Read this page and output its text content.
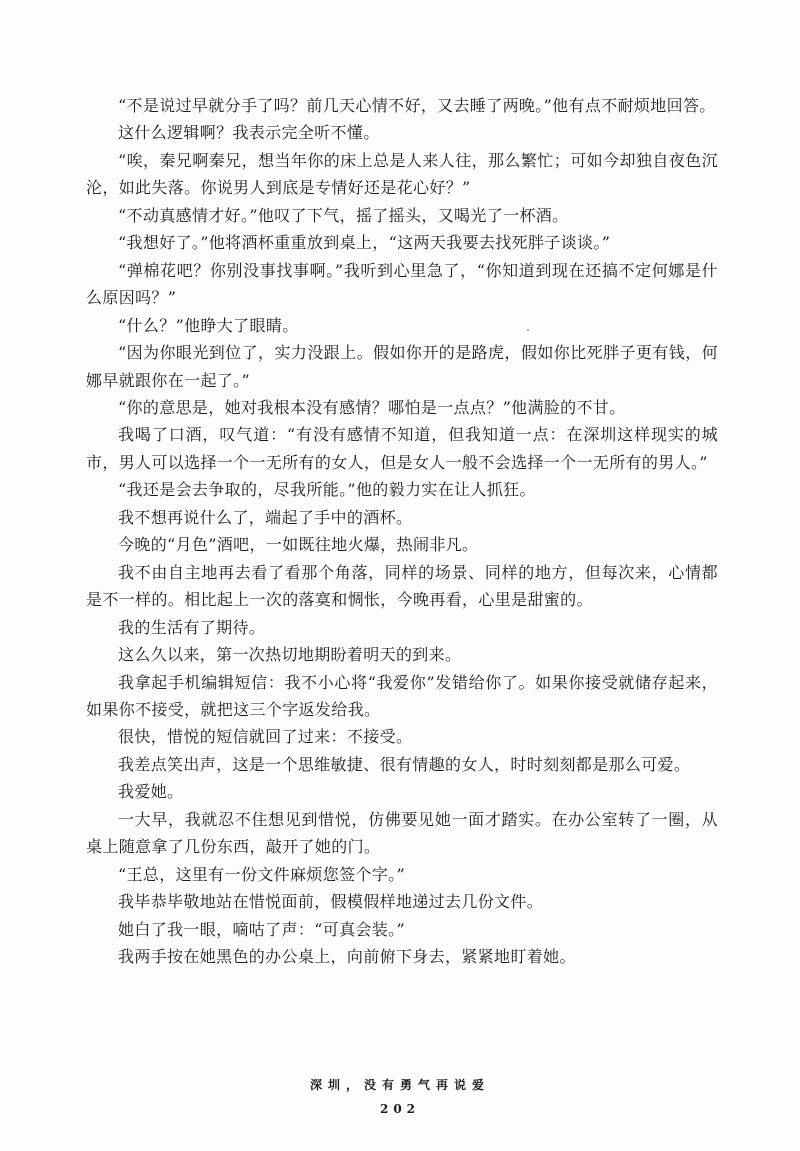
“不是说过早就分手了吗？前几天心情不好，又去睡了两晚。”他有点不耐烦地回答。

这什么逻辑啊？我表示完全听不懂。

“唉，秦兄啊秦兄，想当年你的床上总是人来人往，那么繁忙；可如今却独自夜色沉沦，如此失落。你说男人到底是专情好还是花心好？”

“不动真感情才好。”他叹了下气，摇了摇头，又喝光了一杯酒。

“我想好了。”他将酒杯重重放到桌上，“这两天我要去找死胖子谈谈。”

“弹棉花吧？你别没事找事啊。”我听到心里急了，“你知道到现在还搞不定何娜是什么原因吗？”

“什么？”他睁大了眼睛。

“因为你眼光到位了，实力没跟上。假如你开的是路虎，假如你比死胖子更有钱，何娜早就跟你在一起了。”

“你的意思是，她对我根本没有感情？哪怕是一点点？”他满脸的不甘。

我喝了口酒，叹气道：“有没有感情不知道，但我知道一点：在深圳这样现实的城市，男人可以选择一个一无所有的女人，但是女人一般不会选择一个一无所有的男人。”

“我还是会去争取的，尽我所能。”他的毅力实在让人抓狂。

我不想再说什么了，端起了手中的酒杯。

今晚的“月色”酒吧，一如既往地火爆，热闹非凡。

我不由自主地再去看了看那个角落，同样的场景、同样的地方，但每次来，心情都是不一样的。相比起上一次的落寞和惆怅，今晚再看，心里是甜蜜的。

我的生活有了期待。

这么久以来，第一次热切地期盼着明天的到来。

我拿起手机编辑短信：我不小心将“我爱你”发错给你了。如果你接受就储存起来，如果你不接受，就把这三个字返发给我。

很快，惜悦的短信就回了过来：不接受。

我差点笑出声，这是一个思维敏捷、很有情趣的女人，时时刻刻都是那么可爱。

我爱她。

一大早，我就忍不住想见到惜悦，仿佛要见她一面才踏实。在办公室转了一圈，从桌上随意拿了几份东西，敲开了她的门。

“王总，这里有一份文件麻烦您签个字。”

我毕恭毕敬地站在惜悦面前，假模假样地递过去几份文件。

她白了我一眼，嘀咕了声：“可真会装。”

我两手按在她黑色的办公桌上，向前俯下身去，紧紧地盯着她。

深圳，没有勇气再说爱
202
